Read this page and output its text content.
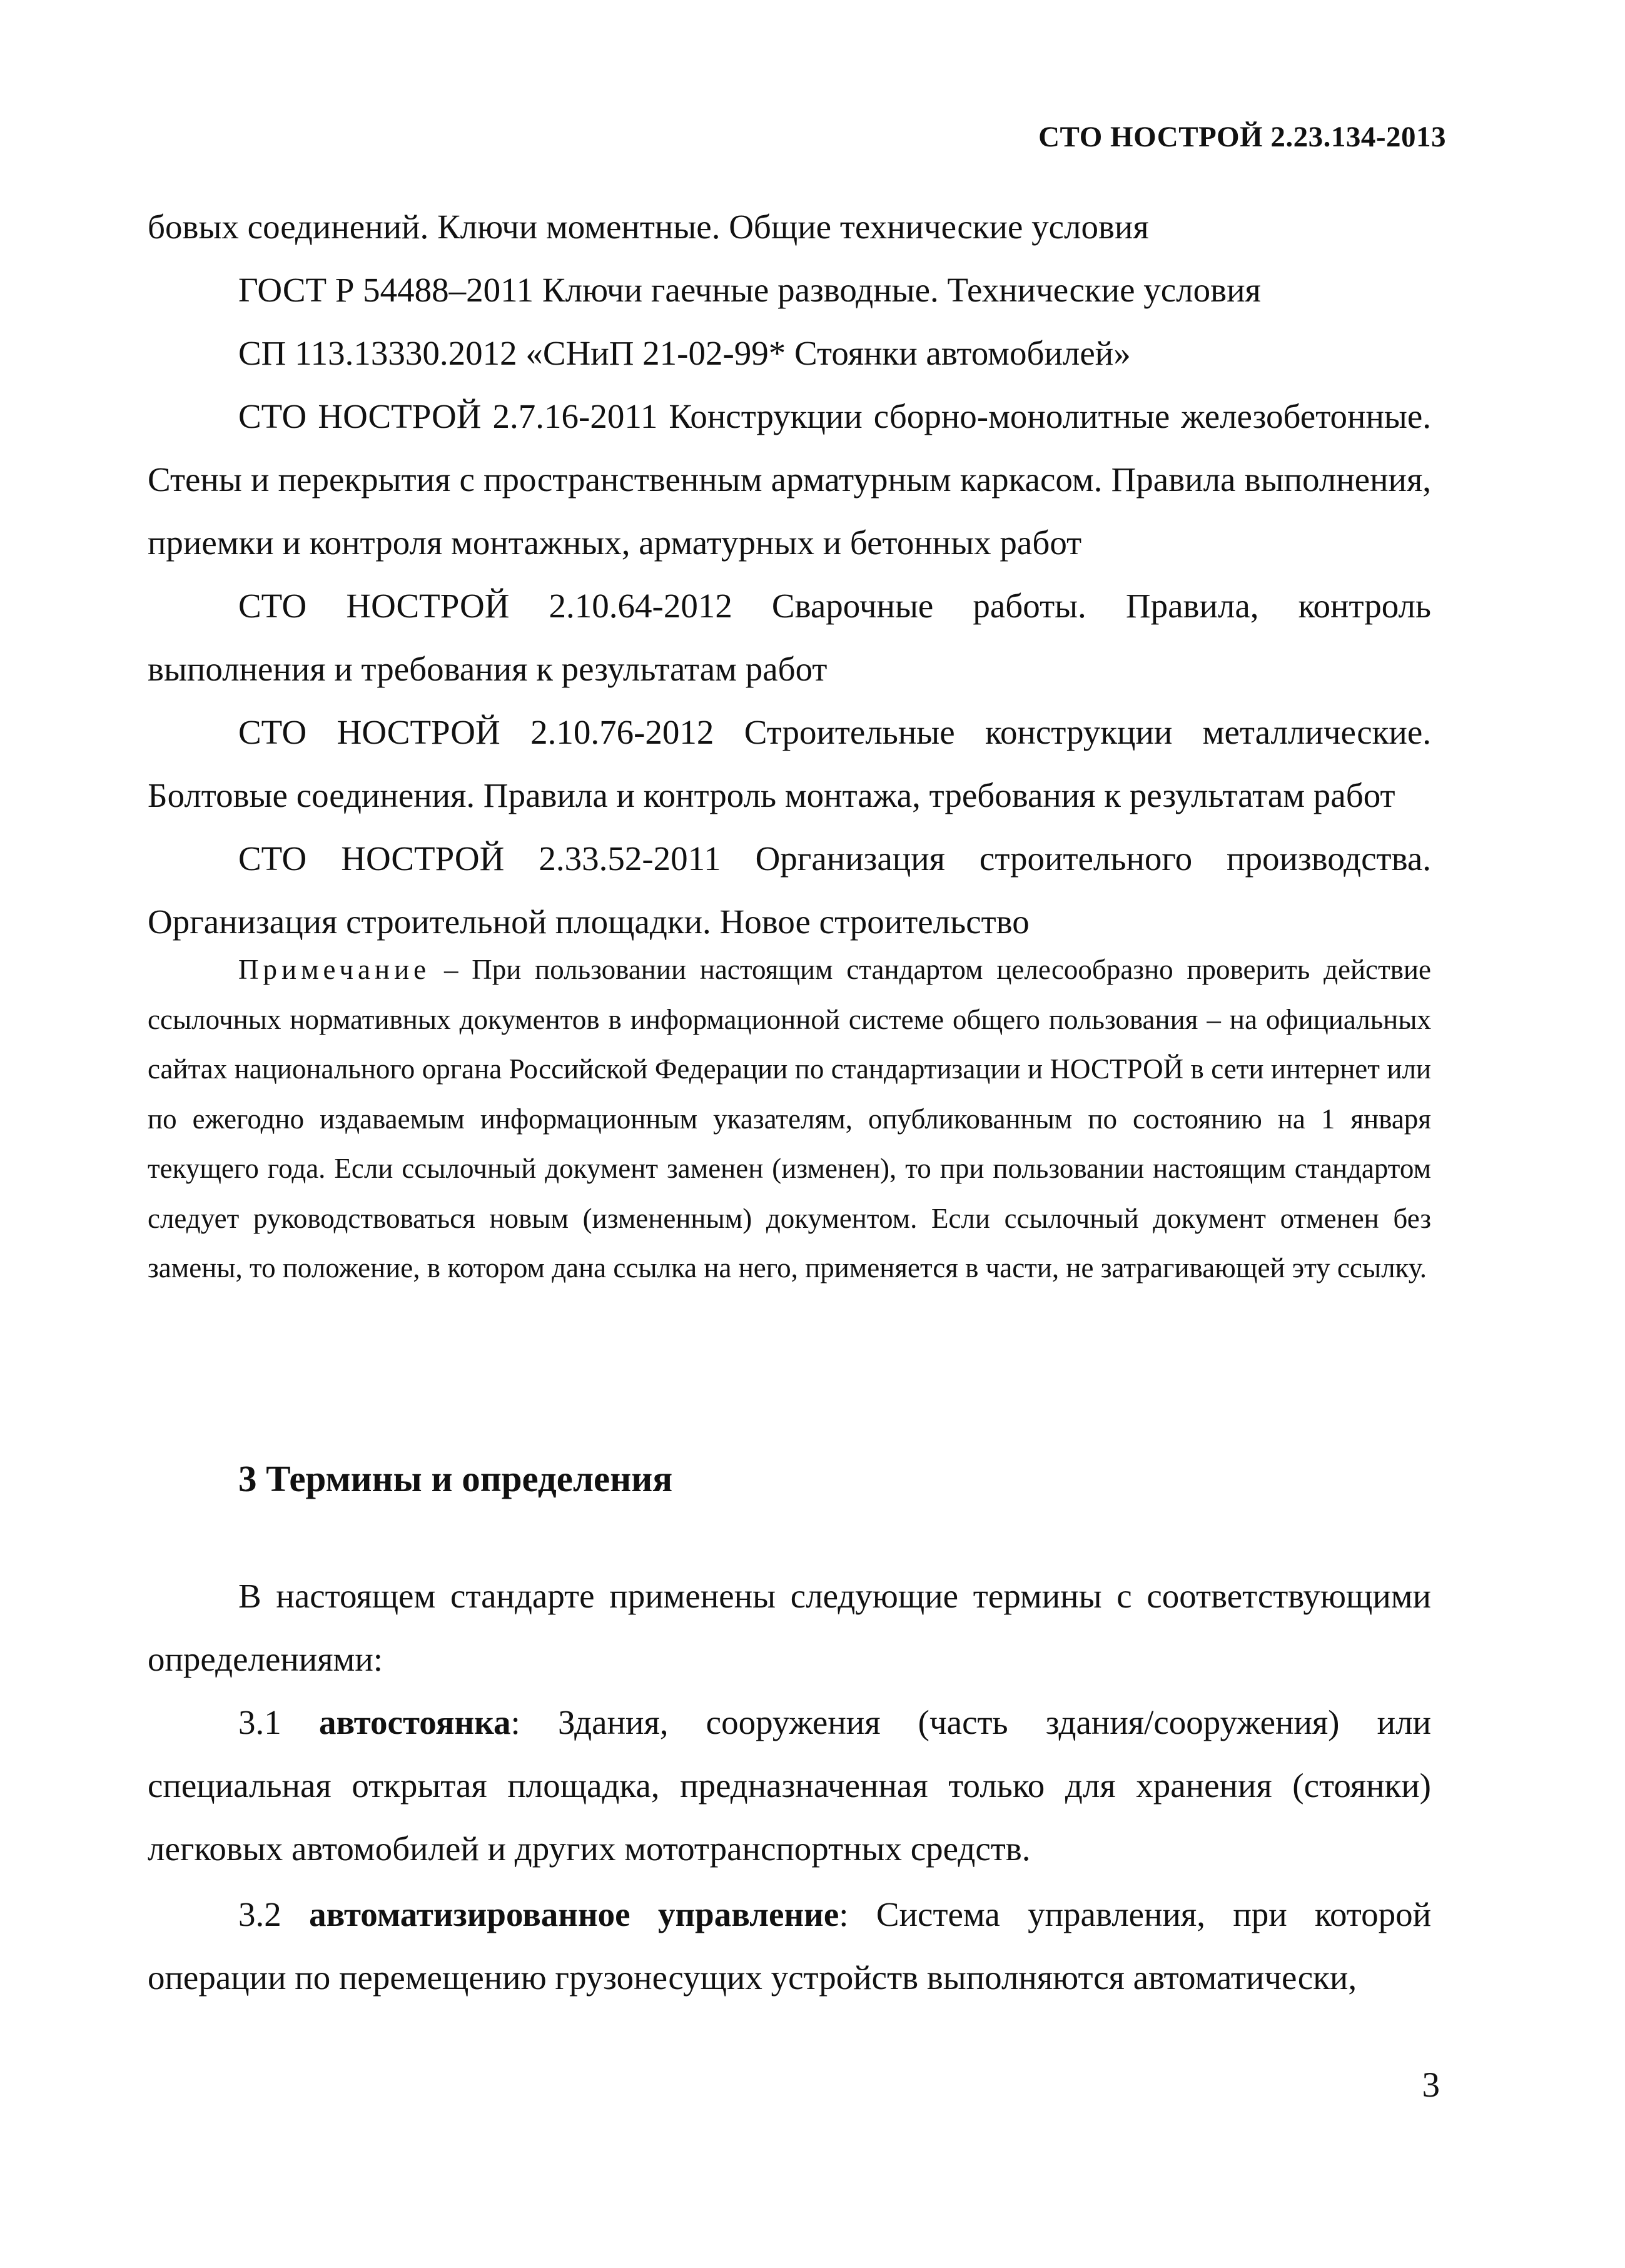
СТО НОСТРОЙ 2.23.134-2013

бовых соединений. Ключи моментные. Общие технические условия

ГОСТ Р 54488–2011 Ключи гаечные разводные. Технические условия

СП 113.13330.2012 «СНиП 21-02-99* Стоянки автомобилей»

СТО НОСТРОЙ 2.7.16-2011 Конструкции сборно-монолитные железобетонные. Стены и перекрытия с пространственным арматурным каркасом. Правила выполнения, приемки и контроля монтажных, арматурных и бетонных работ

СТО НОСТРОЙ 2.10.64-2012 Сварочные работы. Правила, контроль выполнения и требования к результатам работ

СТО НОСТРОЙ 2.10.76-2012 Строительные конструкции металлические. Болтовые соединения. Правила и контроль монтажа, требования к результатам работ

СТО НОСТРОЙ 2.33.52-2011 Организация строительного производства. Организация строительной площадки. Новое строительство

Примечание – При пользовании настоящим стандартом целесообразно проверить действие ссылочных нормативных документов в информационной системе общего пользования – на официальных сайтах национального органа Российской Федерации по стандартизации и НОСТРОЙ в сети интернет или по ежегодно издаваемым информационным указателям, опубликованным по состоянию на 1 января текущего года. Если ссылочный документ заменен (изменен), то при пользовании настоящим стандартом следует руководствоваться новым (измененным) документом. Если ссылочный документ отменен без замены, то положение, в котором дана ссылка на него, применяется в части, не затрагивающей эту ссылку.
3 Термины и определения

В настоящем стандарте применены следующие термины с соответствующими определениями:

3.1 автостоянка: Здания, сооружения (часть здания/сооружения) или специальная открытая площадка, предназначенная только для хранения (стоянки) легковых автомобилей и других мототранспортных средств.

3.2 автоматизированное управление: Система управления, при которой операции по перемещению грузонесущих устройств выполняются автоматически,

3
